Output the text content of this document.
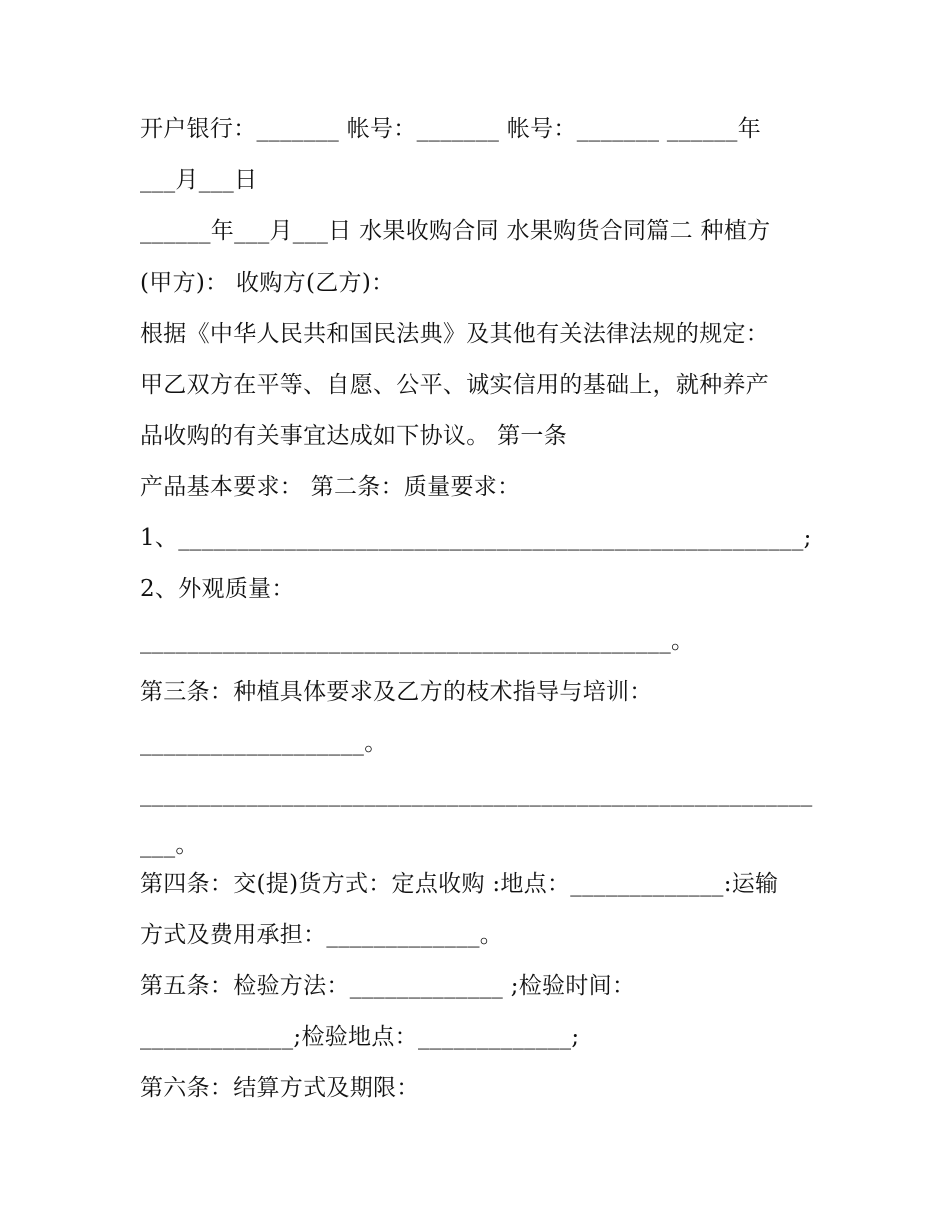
开户银行：_______ 帐号：_______ 帐号：_______ ______年
___月___日
______年___月___日 水果收购合同 水果购货合同篇二 种植方
(甲方)： 收购方(乙方)：
根据《中华人民共和国民法典》及其他有关法律法规的规定：
甲乙双方在平等、自愿、公平、诚实信用的基础上，就种养产
品收购的有关事宜达成如下协议。 第一条
产品基本要求： 第二条：质量要求：
1、_____________________________________________________;
2、外观质量：
_____________________________________________。
第三条：种植具体要求及乙方的枝术指导与培训：
___________________。
_________________________________________________________
___。
第四条：交(提)货方式：定点收购 :地点：_____________:运输
方式及费用承担：_____________。
第五条：检验方法：_____________ ;检验时间：
_____________;检验地点：_____________;
第六条：结算方式及期限：
